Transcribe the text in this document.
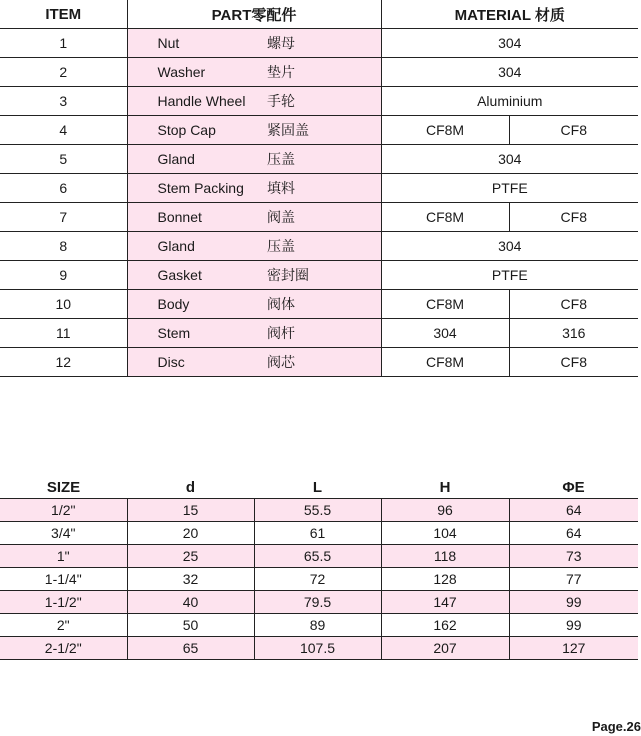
ITEM	PART零配件		MATERIAL 材质	
1	Nut	螺母	304	
2	Washer	垫片	304	
3	Handle Wheel	手轮	Aluminium	
4	Stop Cap	紧固盖	CF8M	CF8
5	Gland	压盖	304	
6	Stem Packing	填料	PTFE	
7	Bonnet	阀盖	CF8M	CF8
8	Gland	压盖	304	
9	Gasket	密封圈	PTFE	
10	Body	阀体	CF8M	CF8
11	Stem	阀杆	304	316
12	Disc	阀芯	CF8M	CF8
SIZE	d	L	H	ΦE
1/2"	15	55.5	96	64
3/4"	20	61	104	64
1"	25	65.5	118	73
1-1/4"	32	72	128	77
1-1/2"	40	79.5	147	99
2"	50	89	162	99
2-1/2"	65	107.5	207	127
Page.26
